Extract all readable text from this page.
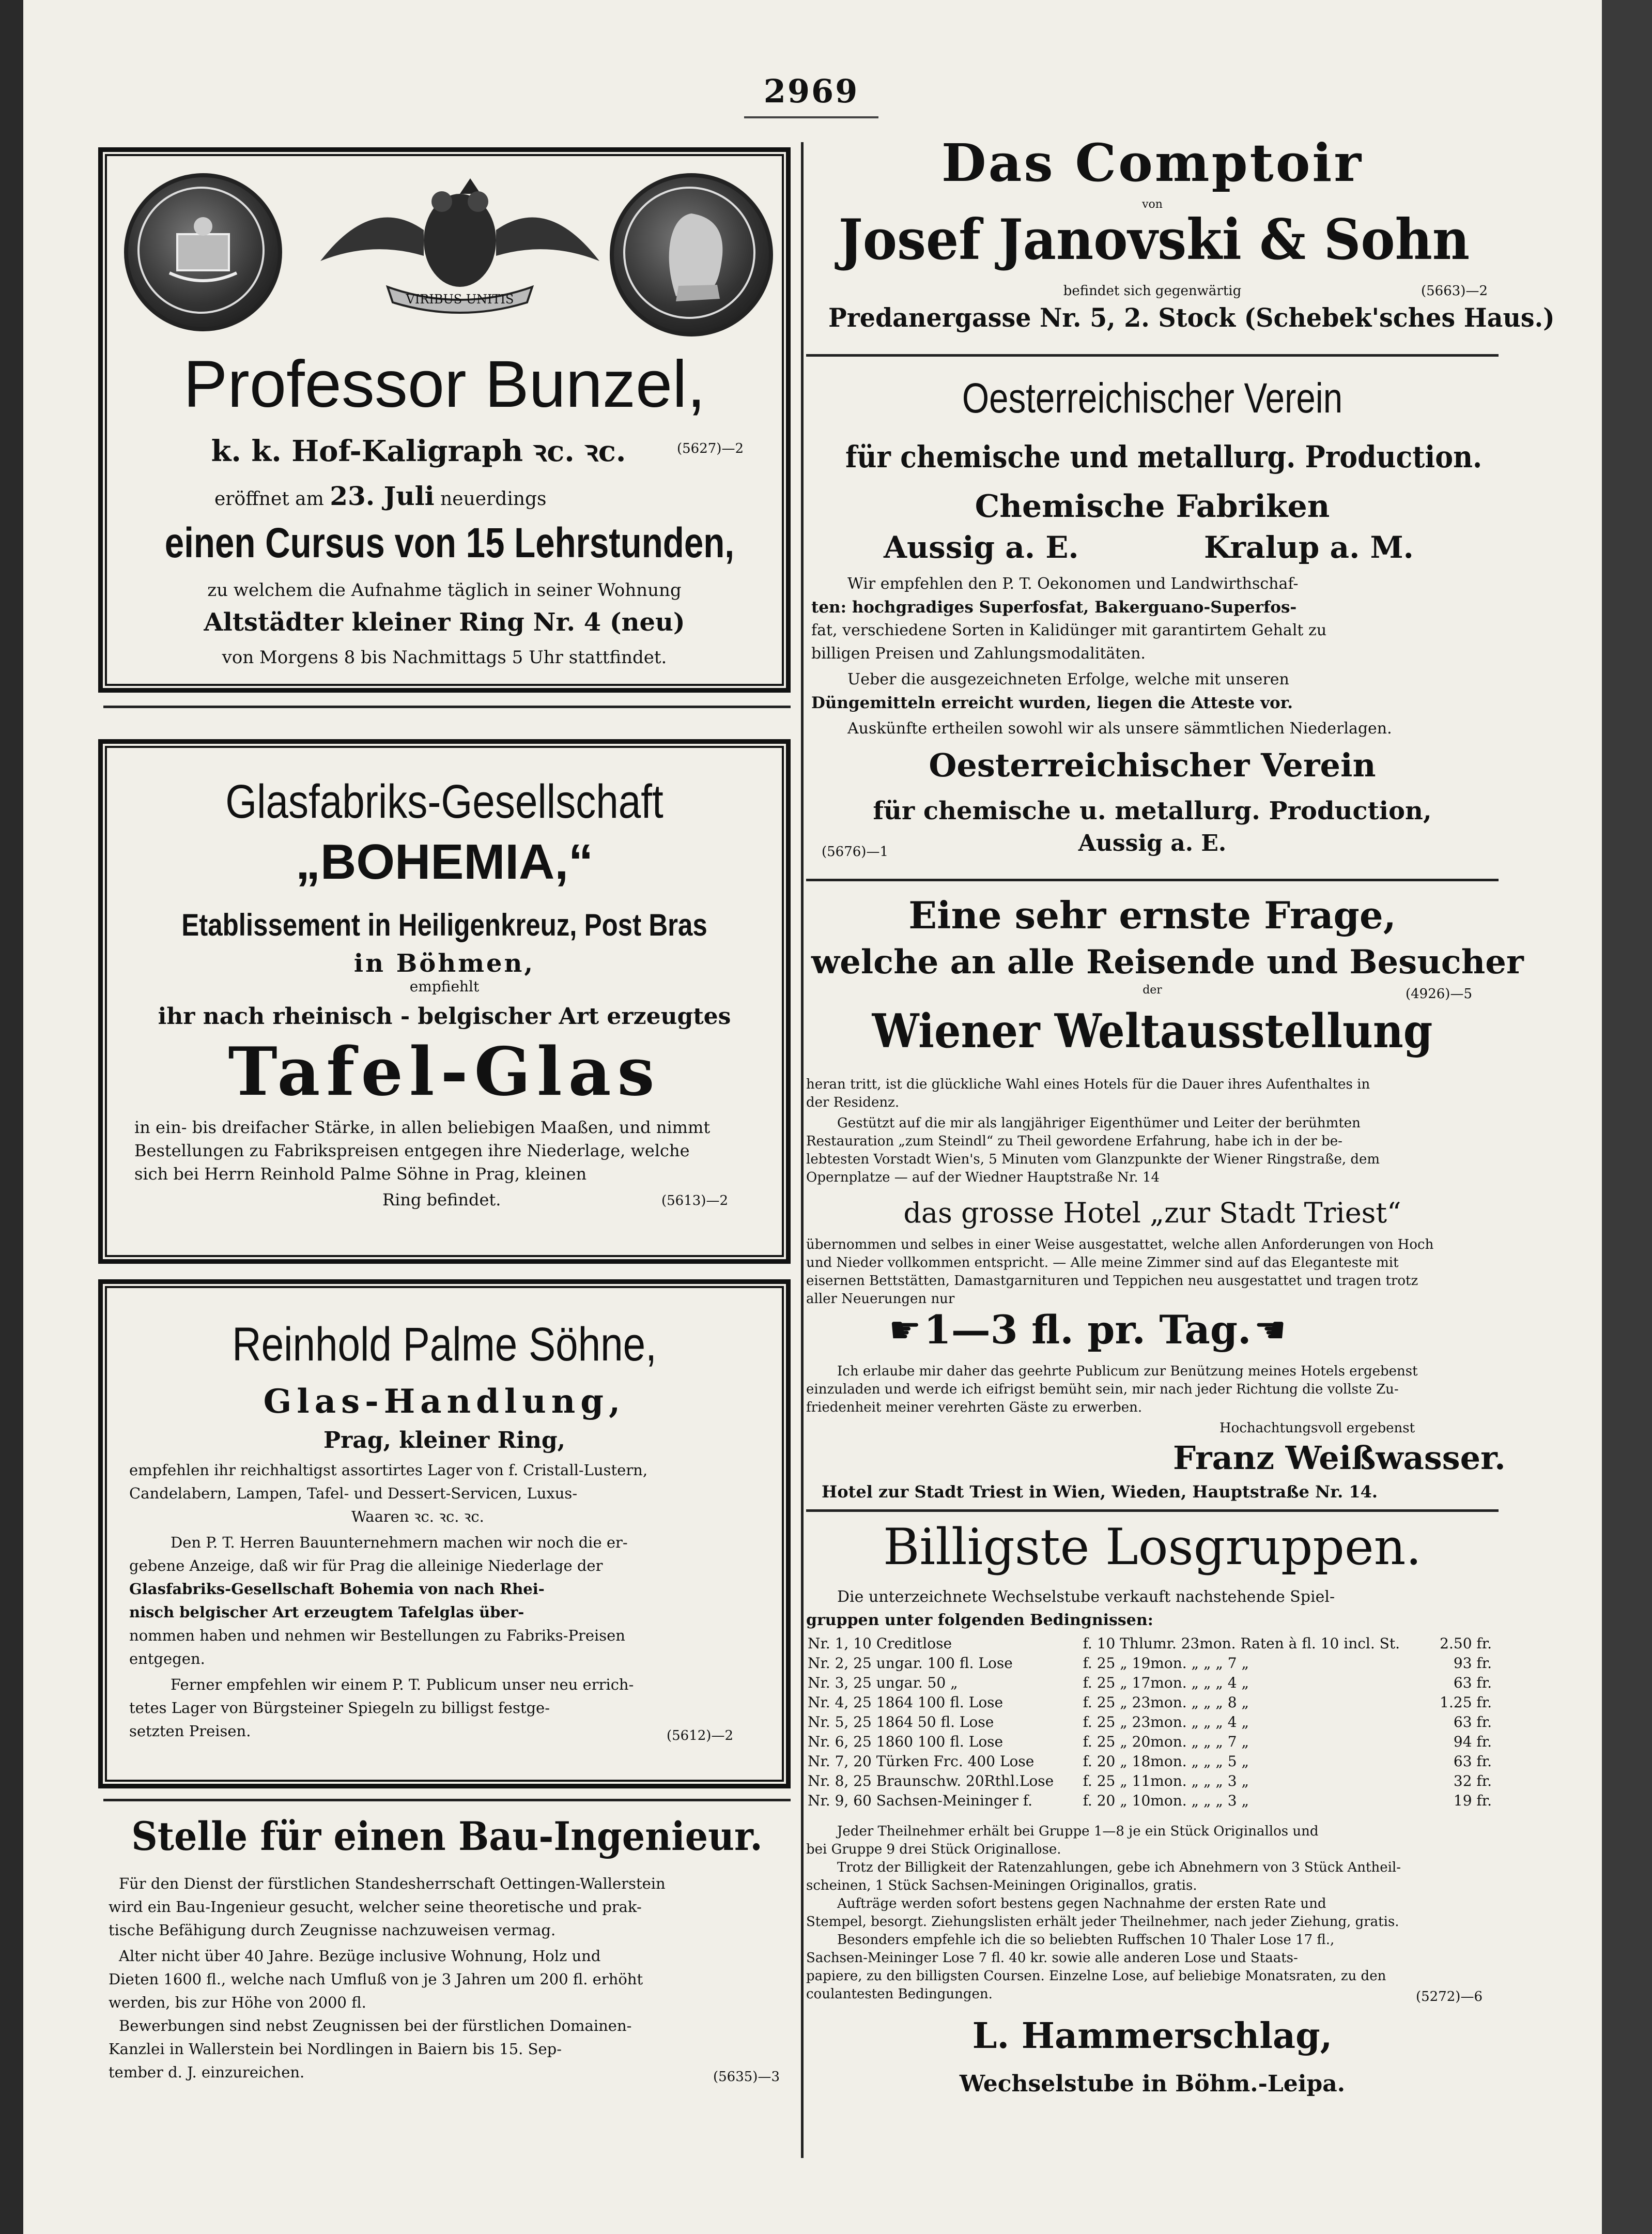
2969
VIRIBUS UNITIS
Professor Bunzel,
k. k. Hof-Kaligraph ꝛc. ꝛc.	(5627)—2
eröffnet am 23. Juli neuerdings
einen Cursus von 15 Lehrstunden,
zu welchem die Aufnahme täglich in seiner Wohnung
Altstädter kleiner Ring Nr. 4 (neu)
von Morgens 8 bis Nachmittags 5 Uhr stattfindet.
Glasfabriks-Gesellschaft
„BOHEMIA,“
Etablissement in Heiligenkreuz, Post Bras
in Böhmen,
empfiehlt
ihr nach rheinisch - belgischer Art erzeugtes
Tafel-Glas
in ein- bis dreifacher Stärke, in allen beliebigen Maaßen, und nimmt
Bestellungen zu Fabrikspreisen entgegen ihre Niederlage, welche
sich bei Herrn Reinhold Palme Söhne in Prag, kleinen
Ring befindet.	(5613)—2
Reinhold Palme Söhne,
Glas-Handlung,
Prag, kleiner Ring,
empfehlen ihr reichhaltigst assortirtes Lager von f. Cristall-Lustern,
Candelabern, Lampen, Tafel- und Dessert-Servicen, Luxus-
Waaren ꝛc. ꝛc. ꝛc.
Den P. T. Herren Bauunternehmern machen wir noch die er-
gebene Anzeige, daß wir für Prag die alleinige Niederlage der
Glasfabriks-Gesellschaft Bohemia von nach Rhei-
nisch belgischer Art erzeugtem Tafelglas über-
nommen haben und nehmen wir Bestellungen zu Fabriks-Preisen
entgegen.
Ferner empfehlen wir einem P. T. Publicum unser neu errich-
tetes Lager von Bürgsteiner Spiegeln zu billigst festge-
setzten Preisen.	(5612)—2
Stelle für einen Bau-Ingenieur.
Für den Dienst der fürstlichen Standesherrschaft Oettingen-Wallerstein
wird ein Bau-Ingenieur gesucht, welcher seine theoretische und prak-
tische Befähigung durch Zeugnisse nachzuweisen vermag.
Alter nicht über 40 Jahre. Bezüge inclusive Wohnung, Holz und
Dieten 1600 fl., welche nach Umfluß von je 3 Jahren um 200 fl. erhöht
werden, bis zur Höhe von 2000 fl.
Bewerbungen sind nebst Zeugnissen bei der fürstlichen Domainen-
Kanzlei in Wallerstein bei Nordlingen in Baiern bis 15. Sep-
tember d. J. einzureichen.	(5635)—3
Das Comptoir
von
Josef Janovski & Sohn
befindet sich gegenwärtig	(5663)—2
Predanergasse Nr. 5, 2. Stock (Schebek'sches Haus.)
Oesterreichischer Verein
für chemische und metallurg. Production.
Chemische Fabriken
Aussig a. E.	Kralup a. M.
Wir empfehlen den P. T. Oekonomen und Landwirthschaf-
ten: hochgradiges Superfosfat, Bakerguano-Superfos-
fat, verschiedene Sorten in Kalidünger mit garantirtem Gehalt zu
billigen Preisen und Zahlungsmodalitäten.
Ueber die ausgezeichneten Erfolge, welche mit unseren
Düngemitteln erreicht wurden, liegen die Atteste vor.
Auskünfte ertheilen sowohl wir als unsere sämmtlichen Niederlagen.
Oesterreichischer Verein
für chemische u. metallurg. Production,
Aussig a. E.
(5676)—1
Eine sehr ernste Frage,
welche an alle Reisende und Besucher
der	(4926)—5
Wiener Weltausstellung
heran tritt, ist die glückliche Wahl eines Hotels für die Dauer ihres Aufenthaltes in
der Residenz.
Gestützt auf die mir als langjähriger Eigenthümer und Leiter der berühmten
Restauration „zum Steindl“ zu Theil gewordene Erfahrung, habe ich in der be-
lebtesten Vorstadt Wien's, 5 Minuten vom Glanzpunkte der Wiener Ringstraße, dem
Opernplatze — auf der Wiedner Hauptstraße Nr. 14
das grosse Hotel „zur Stadt Triest“
übernommen und selbes in einer Weise ausgestattet, welche allen Anforderungen von Hoch
und Nieder vollkommen entspricht. — Alle meine Zimmer sind auf das Eleganteste mit
eisernen Bettstätten, Damastgarnituren und Teppichen neu ausgestattet und tragen trotz
aller Neuerungen nur
☛ 1—3 fl. pr. Tag. ☚
Ich erlaube mir daher das geehrte Publicum zur Benützung meines Hotels ergebenst
einzuladen und werde ich eifrigst bemüht sein, mir nach jeder Richtung die vollste Zu-
friedenheit meiner verehrten Gäste zu erwerben.
Hochachtungsvoll ergebenst
Franz Weißwasser.
Hotel zur Stadt Triest in Wien, Wieden, Hauptstraße Nr. 14.
Billigste Losgruppen.
Die unterzeichnete Wechselstube verkauft nachstehende Spiel-
gruppen unter folgenden Bedingnissen:
Nr. 1, 10 Creditlose	f. 10 Thlumr. 23mon. Raten à fl. 10 incl. St.	2.50 fr.
Nr. 2, 25 ungar. 100 fl. Lose	f. 25 „ 19mon. „ „ „ 7 „	93 fr.
Nr. 3, 25 ungar. 50 „	f. 25 „ 17mon. „ „ „ 4 „	63 fr.
Nr. 4, 25 1864 100 fl. Lose	f. 25 „ 23mon. „ „ „ 8 „	1.25 fr.
Nr. 5, 25 1864 50 fl. Lose	f. 25 „ 23mon. „ „ „ 4 „	63 fr.
Nr. 6, 25 1860 100 fl. Lose	f. 25 „ 20mon. „ „ „ 7 „	94 fr.
Nr. 7, 20 Türken Frc. 400 Lose	f. 20 „ 18mon. „ „ „ 5 „	63 fr.
Nr. 8, 25 Braunschw. 20Rthl.Lose	f. 25 „ 11mon. „ „ „ 3 „	32 fr.
Nr. 9, 60 Sachsen-Meininger f.	f. 20 „ 10mon. „ „ „ 3 „	19 fr.
Jeder Theilnehmer erhält bei Gruppe 1—8 je ein Stück Originallos und
bei Gruppe 9 drei Stück Originallose.
Trotz der Billigkeit der Ratenzahlungen, gebe ich Abnehmern von 3 Stück Antheil-
scheinen, 1 Stück Sachsen-Meiningen Originallos, gratis.
Aufträge werden sofort bestens gegen Nachnahme der ersten Rate und
Stempel, besorgt. Ziehungslisten erhält jeder Theilnehmer, nach jeder Ziehung, gratis.
Besonders empfehle ich die so beliebten Ruffschen 10 Thaler Lose 17 fl.,
Sachsen-Meininger Lose 7 fl. 40 kr. sowie alle anderen Lose und Staats-
papiere, zu den billigsten Coursen. Einzelne Lose, auf beliebige Monatsraten, zu den
coulantesten Bedingungen.	(5272)—6
L. Hammerschlag,
Wechselstube in Böhm.-Leipa.
